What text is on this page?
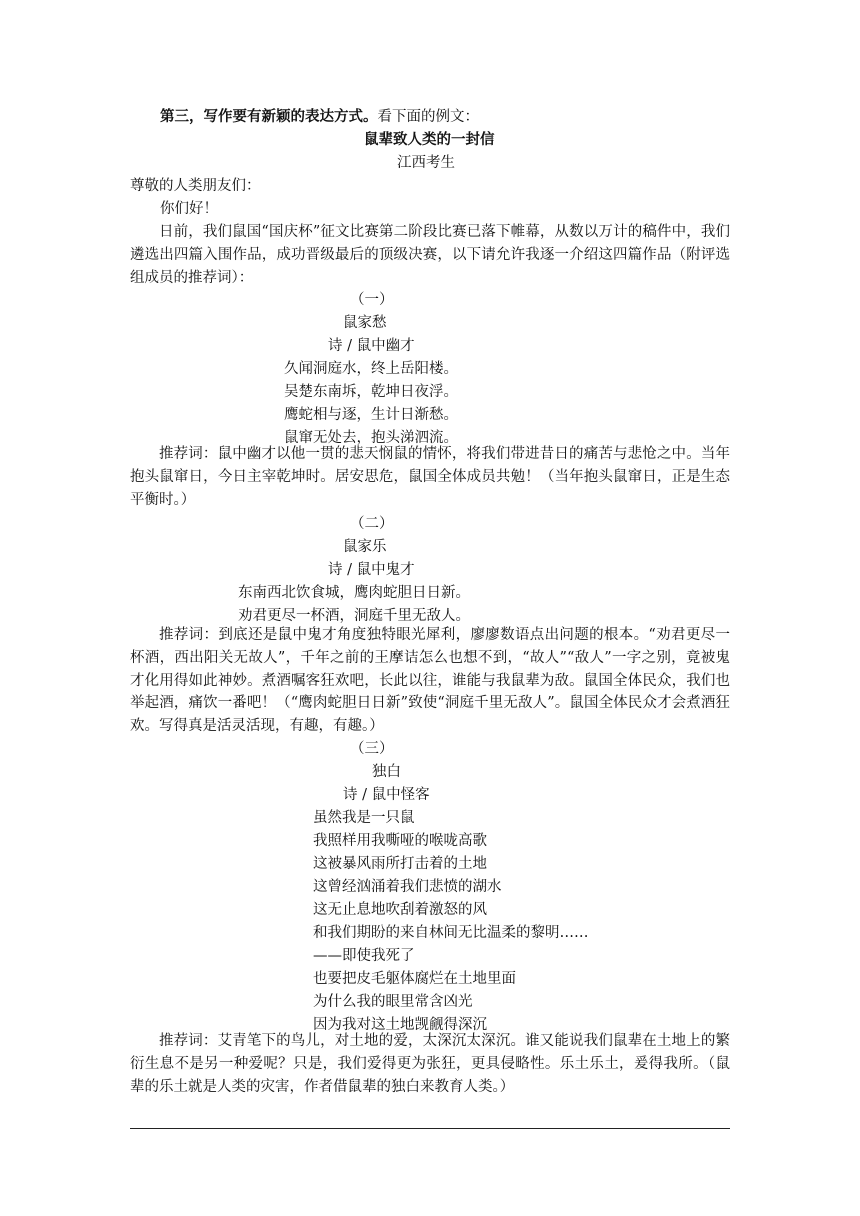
第三，写作要有新颖的表达方式。看下面的例文：
鼠辈致人类的一封信
江西考生
尊敬的人类朋友们：
你们好！
日前，我们鼠国“国庆杯”征文比赛第二阶段比赛已落下帷幕，从数以万计的稿件中，我们遴选出四篇入围作品，成功晋级最后的顶级决赛，以下请允许我逐一介绍这四篇作品（附评选组成员的推荐词）：
（一）
鼠家愁
诗 / 鼠中幽才
久闻洞庭水，终上岳阳楼。
吴楚东南坼，乾坤日夜浮。
鹰蛇相与逐，生计日渐愁。
鼠窜无处去，抱头涕泗流。
推荐词：鼠中幽才以他一贯的悲天悯鼠的情怀，将我们带进昔日的痛苦与悲怆之中。当年抱头鼠窜日，今日主宰乾坤时。居安思危，鼠国全体成员共勉！（当年抱头鼠窜日，正是生态平衡时。）
（二）
鼠家乐
诗 / 鼠中鬼才
东南西北饮食城，鹰肉蛇胆日日新。
劝君更尽一杯酒，洞庭千里无敌人。
推荐词：到底还是鼠中鬼才角度独特眼光犀利，廖廖数语点出问题的根本。“劝君更尽一杯酒，西出阳关无故人”，千年之前的王摩诘怎么也想不到，“故人”“敌人”一字之别，竟被鬼才化用得如此神妙。煮酒嘱客狂欢吧，长此以往，谁能与我鼠辈为敌。鼠国全体民众，我们也举起酒，痛饮一番吧！（“鹰肉蛇胆日日新”致使“洞庭千里无敌人”。鼠国全体民众才会煮酒狂欢。写得真是活灵活现，有趣，有趣。）
（三）
独白
诗 / 鼠中怪客
虽然我是一只鼠
我照样用我嘶哑的喉咙高歌
这被暴风雨所打击着的土地
这曾经汹涌着我们悲愤的湖水
这无止息地吹刮着激怒的风
和我们期盼的来自林间无比温柔的黎明……
——即使我死了
也要把皮毛躯体腐烂在土地里面
为什么我的眼里常含凶光
因为我对这土地觊觎得深沉
推荐词：艾青笔下的鸟儿，对土地的爱，太深沉太深沉。谁又能说我们鼠辈在土地上的繁衍生息不是另一种爱呢？只是，我们爱得更为张狂，更具侵略性。乐土乐土，爰得我所。（鼠辈的乐土就是人类的灾害，作者借鼠辈的独白来教育人类。）
